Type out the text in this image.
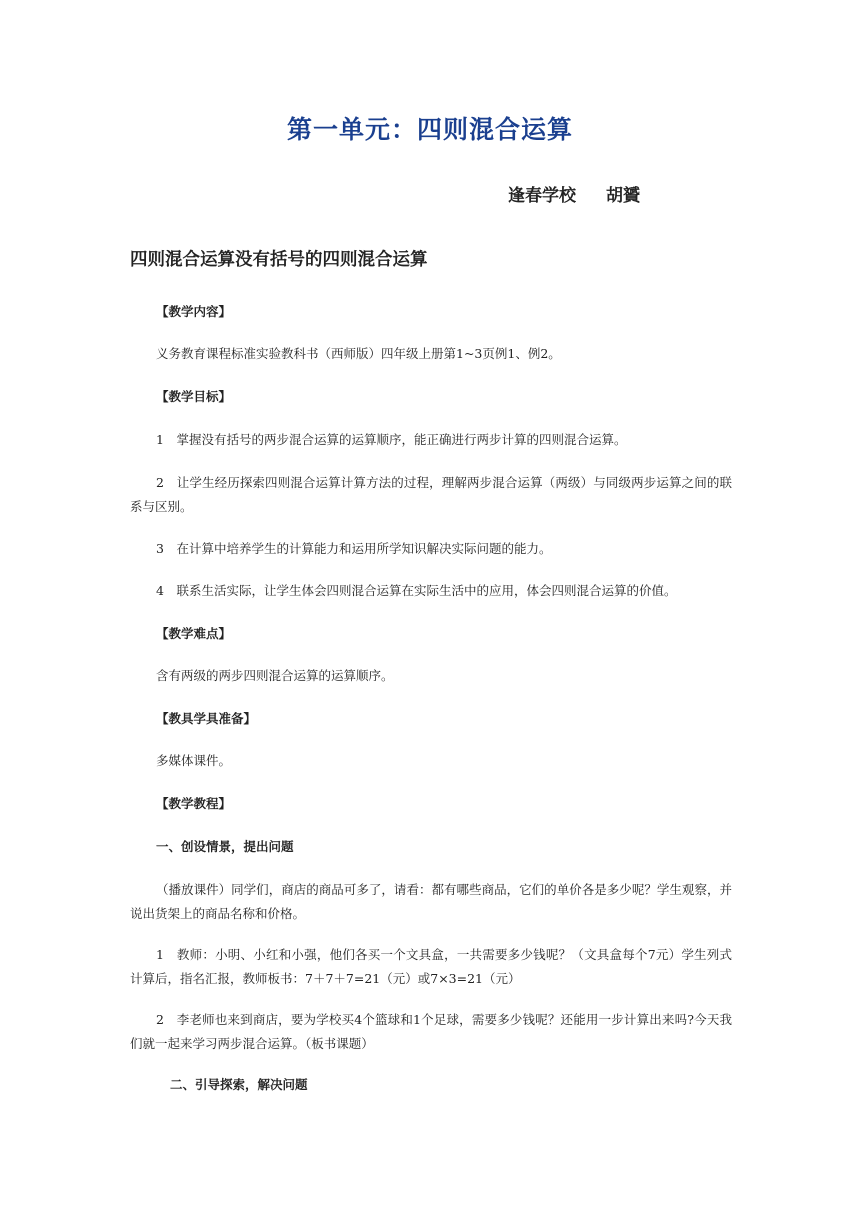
第一单元：四则混合运算
逢春学校 胡贇
四则混合运算没有括号的四则混合运算
【教学内容】
义务教育课程标准实验教科书（西师版）四年级上册第1~3页例1、例2。
【教学目标】
1　掌握没有括号的两步混合运算的运算顺序，能正确进行两步计算的四则混合运算。
2　让学生经历探索四则混合运算计算方法的过程，理解两步混合运算（两级）与同级两步运算之间的联系与区别。
3　在计算中培养学生的计算能力和运用所学知识解决实际问题的能力。
4　联系生活实际，让学生体会四则混合运算在实际生活中的应用，体会四则混合运算的价值。
【教学难点】
含有两级的两步四则混合运算的运算顺序。
【教具学具准备】
多媒体课件。
【教学教程】
一、创设情景，提出问题
（播放课件）同学们，商店的商品可多了，请看：都有哪些商品，它们的单价各是多少呢？学生观察，并说出货架上的商品名称和价格。
1　教师：小明、小红和小强，他们各买一个文具盒，一共需要多少钱呢？（文具盒每个7元）学生列式计算后，指名汇报，教师板书：7＋7＋7=21（元）或7×3=21（元）
2　李老师也来到商店，要为学校买4个篮球和1个足球，需要多少钱呢？还能用一步计算出来吗?今天我们就一起来学习两步混合运算。（板书课题）
二、引导探索，解决问题
